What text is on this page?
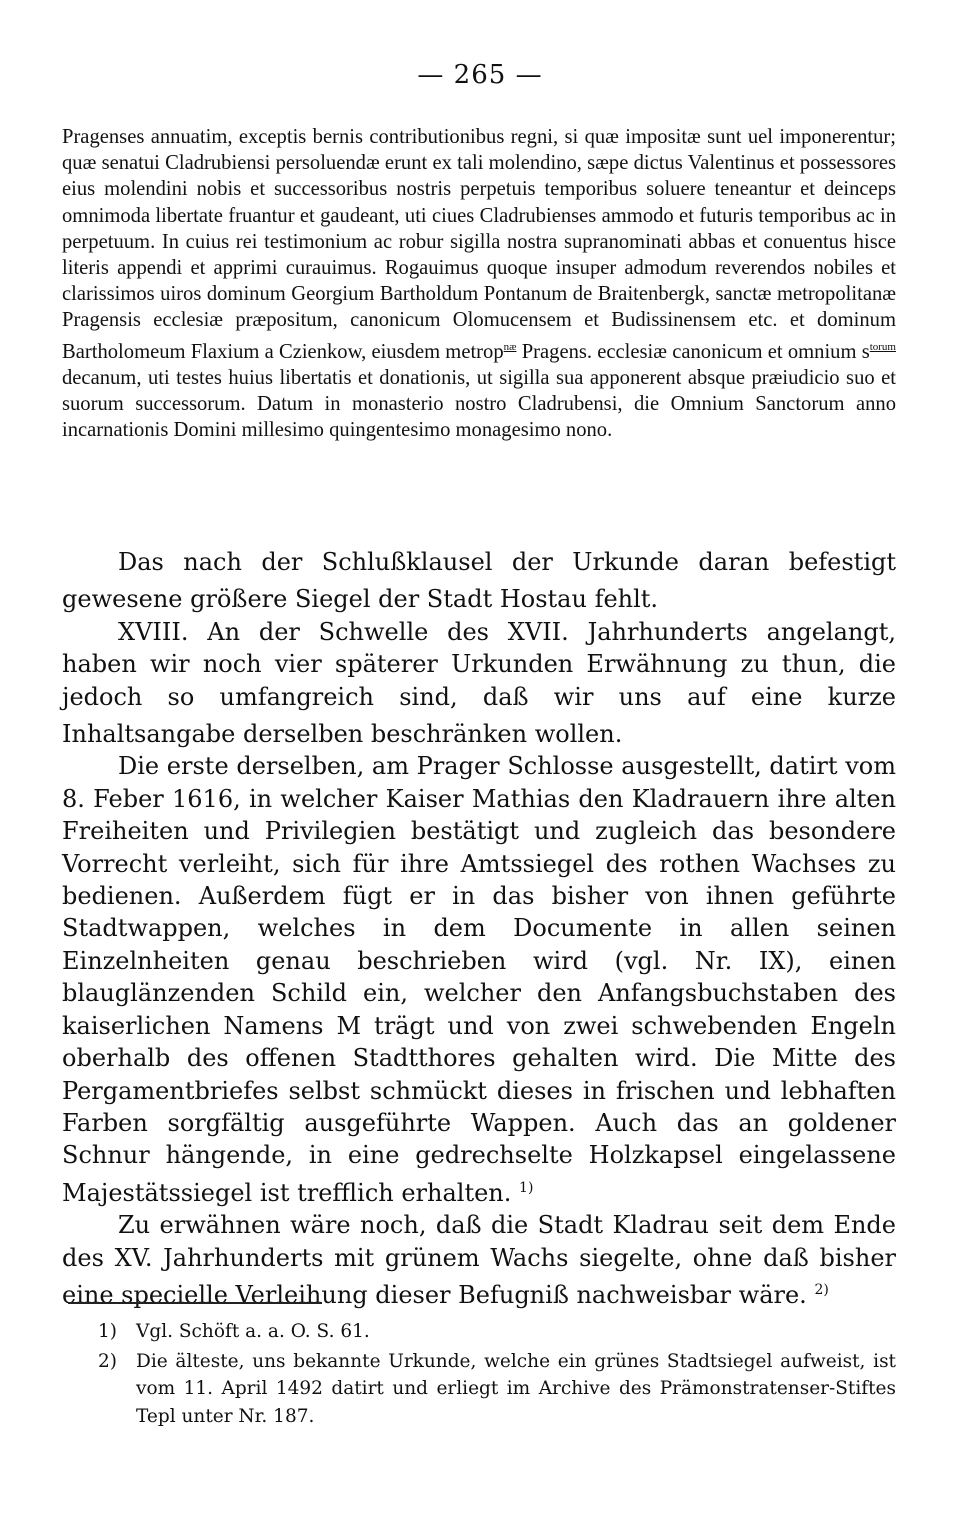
— 265 —

Pragenses annuatim, exceptis bernis contributionibus regni, si quæ impositæ sunt uel imponerentur; quæ senatui Cladrubiensi persoluendæ erunt ex tali molendino, sæpe dictus Valentinus et possessores eius molendini nobis et successoribus nostris perpetuis temporibus soluere teneantur et deinceps omnimoda libertate fruantur et gaudeant, uti ciues Cladrubienses ammodo et futuris temporibus ac in perpetuum. In cuius rei testimonium ac robur sigilla nostra supranominati abbas et conuentus hisce literis appendi et apprimi curauimus. Rogauimus quoque insuper admodum reverendos nobiles et clarissimos uiros dominum Georgium Bartholdum Pontanum de Braitenbergk, sanctæ metropolitanæ Pragensis ecclesiæ præpositum, canonicum Olomucensem et Budissinensem etc. et dominum Bartholomeum Flaxium a Czienkow, eiusdem metrop$^{næ}$ Pragens. ecclesiæ canonicum et omnium $s^{torum}$ decanum, uti testes huius libertatis et donationis, ut sigilla sua apponerent absque præiudicio suo et suorum successorum. Datum in monasterio nostro Cladrubensi, die Omnium Sanctorum anno incarnationis Domini millesimo quingentesimo monagesimo nono.

Das nach der Schlußklausel der Urkunde daran befestigt gewesene größere Siegel der Stadt Hostau fehlt.

XVIII. An der Schwelle des XVII. Jahrhunderts angelangt, haben wir noch vier späterer Urkunden Erwähnung zu thun, die jedoch so umfangreich sind, daß wir uns auf eine kurze Inhaltsangabe derselben beschränken wollen.

Die erste derselben, am Prager Schlosse ausgestellt, datirt vom 8. Feber 1616, in welcher Kaiser Mathias den Kladrauern ihre alten Freiheiten und Privilegien bestätigt und zugleich das besondere Vorrecht verleiht, sich für ihre Amtssiegel des rothen Wachses zu bedienen. Außerdem fügt er in das bisher von ihnen geführte Stadtwappen, welches in dem Documente in allen seinen Einzelnheiten genau beschrieben wird (vgl. Nr. IX), einen blauglänzenden Schild ein, welcher den Anfangsbuchstaben des kaiserlichen Namens M trägt und von zwei schwebenden Engeln oberhalb des offenen Stadtthores gehalten wird. Die Mitte des Pergamentbriefes selbst schmückt dieses in frischen und lebhaften Farben sorgfältig ausgeführte Wappen. Auch das an goldener Schnur hängende, in eine gedrechselte Holzkapsel eingelassene Majestätssiegel ist trefflich erhalten. $^{1)}$

Zu erwähnen wäre noch, daß die Stadt Kladrau seit dem Ende des XV. Jahrhunderts mit grünem Wachs siegelte, ohne daß bisher eine specielle Verleihung dieser Befugniß nachweisbar wäre. $^{2)}$

1) Vgl. Schöft a. a. O. S. 61.

2) Die älteste, uns bekannte Urkunde, welche ein grünes Stadtsiegel aufweist, ist vom 11. April 1492 datirt und erliegt im Archive des Prämonstratenser-Stiftes Tepl unter Nr. 187.
